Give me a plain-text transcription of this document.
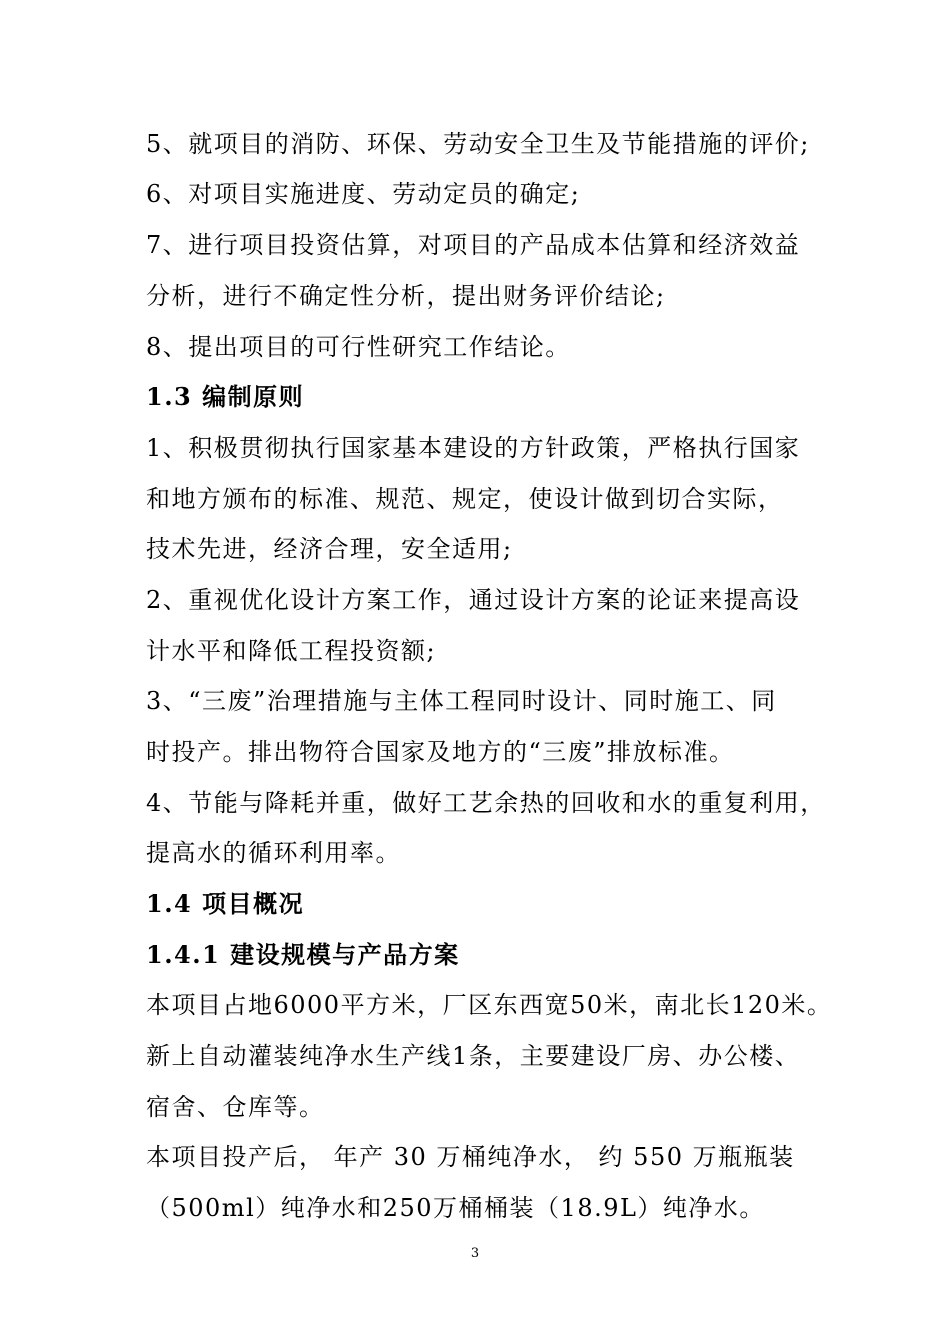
5、就项目的消防、环保、劳动安全卫生及节能措施的评价;
6、对项目实施进度、劳动定员的确定;
7、进行项目投资估算，对项目的产品成本估算和经济效益
分析，进行不确定性分析，提出财务评价结论;
8、提出项目的可行性研究工作结论。
1.3 编制原则
1、积极贯彻执行国家基本建设的方针政策，严格执行国家
和地方颁布的标准、规范、规定，使设计做到切合实际，
技术先进，经济合理，安全适用;
2、重视优化设计方案工作，通过设计方案的论证来提高设
计水平和降低工程投资额;
3、“三废”治理措施与主体工程同时设计、同时施工、同
时投产。排出物符合国家及地方的“三废”排放标准。
4、节能与降耗并重，做好工艺余热的回收和水的重复利用，
提高水的循环利用率。
1.4 项目概况
1.4.1 建设规模与产品方案
本项目占地6000平方米，厂区东西宽50米，南北长120米。
新上自动灌装纯净水生产线1条，主要建设厂房、办公楼、
宿舍、仓库等。
本项目投产后， 年产 30 万桶纯净水， 约 550 万瓶瓶装
（500ml）纯净水和250万桶桶装（18.9L）纯净水。
3
